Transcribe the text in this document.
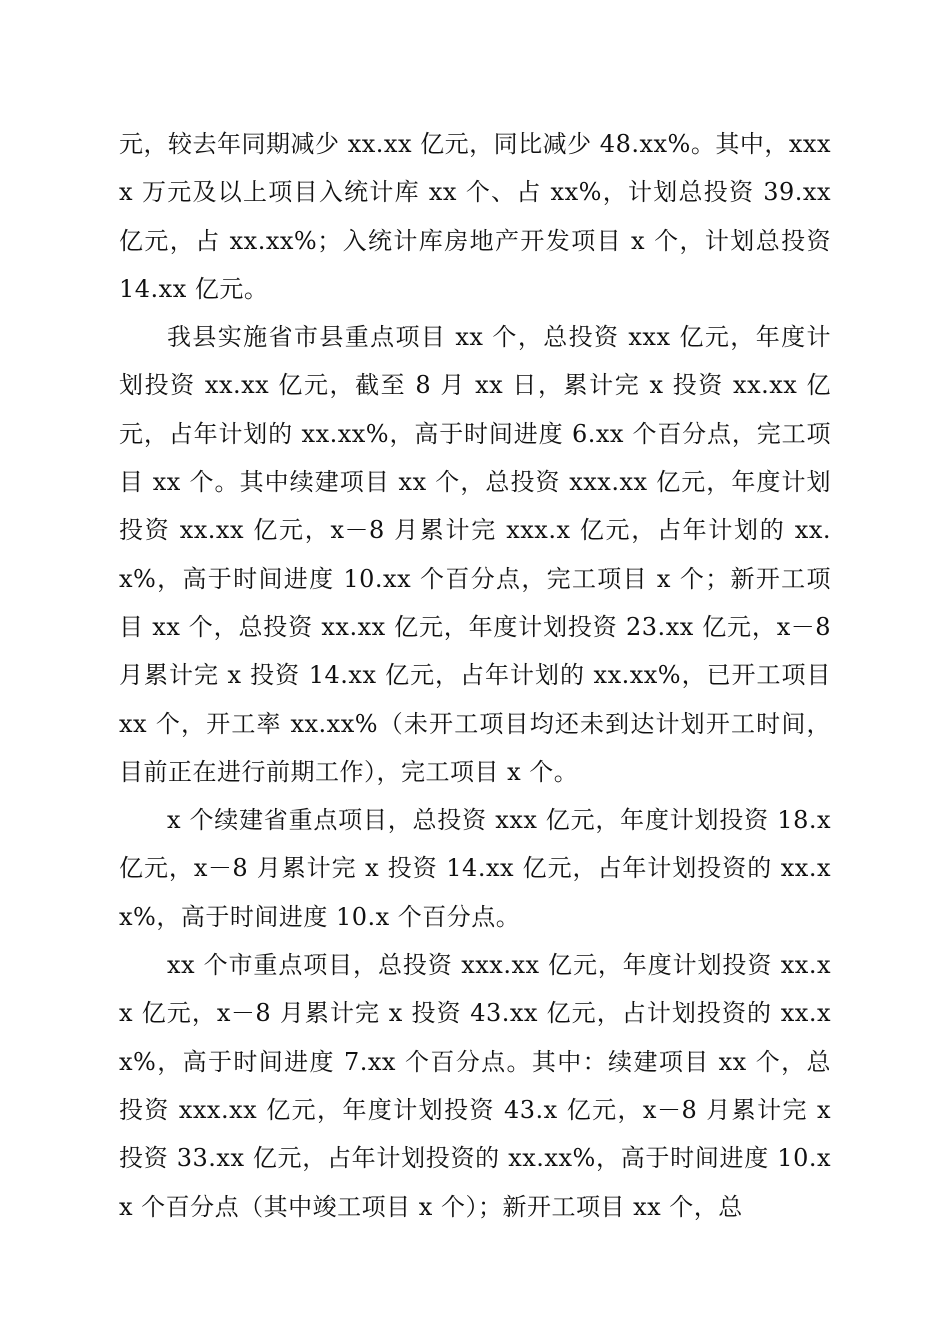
元，较去年同期减少 xx.xx 亿元，同比减少 48.xx%。其中，xxxx 万元及以上项目入统计库 xx 个、占 xx%，计划总投资 39.xx 亿元，占 xx.xx%；入统计库房地产开发项目 x 个，计划总投资 14.xx 亿元。

我县实施省市县重点项目 xx 个，总投资 xxx 亿元，年度计划投资 xx.xx 亿元，截至 8 月 xx 日，累计完 x 投资 xx.xx 亿元，占年计划的 xx.xx%，高于时间进度 6.xx 个百分点，完工项目 xx 个。其中续建项目 xx 个，总投资 xxx.xx 亿元，年度计划投资 xx.xx 亿元，x－8 月累计完 xxx.x 亿元，占年计划的 xx.x%，高于时间进度 10.xx 个百分点，完工项目 x 个；新开工项目 xx 个，总投资 xx.xx 亿元，年度计划投资 23.xx 亿元，x－8 月累计完 x 投资 14.xx 亿元，占年计划的 xx.xx%，已开工项目 xx 个，开工率 xx.xx%（未开工项目均还未到达计划开工时间，目前正在进行前期工作），完工项目 x 个。

x 个续建省重点项目，总投资 xxx 亿元，年度计划投资 18.x 亿元，x－8 月累计完 x 投资 14.xx 亿元，占年计划投资的 xx.xx%，高于时间进度 10.x 个百分点。

xx 个市重点项目，总投资 xxx.xx 亿元，年度计划投资 xx.xx 亿元，x－8 月累计完 x 投资 43.xx 亿元，占计划投资的 xx.xx%，高于时间进度 7.xx 个百分点。其中：续建项目 xx 个，总投资 xxx.xx 亿元，年度计划投资 43.x 亿元，x－8 月累计完 x 投资 33.xx 亿元，占年计划投资的 xx.xx%，高于时间进度 10.xx 个百分点（其中竣工项目 x 个）；新开工项目 xx 个，总
